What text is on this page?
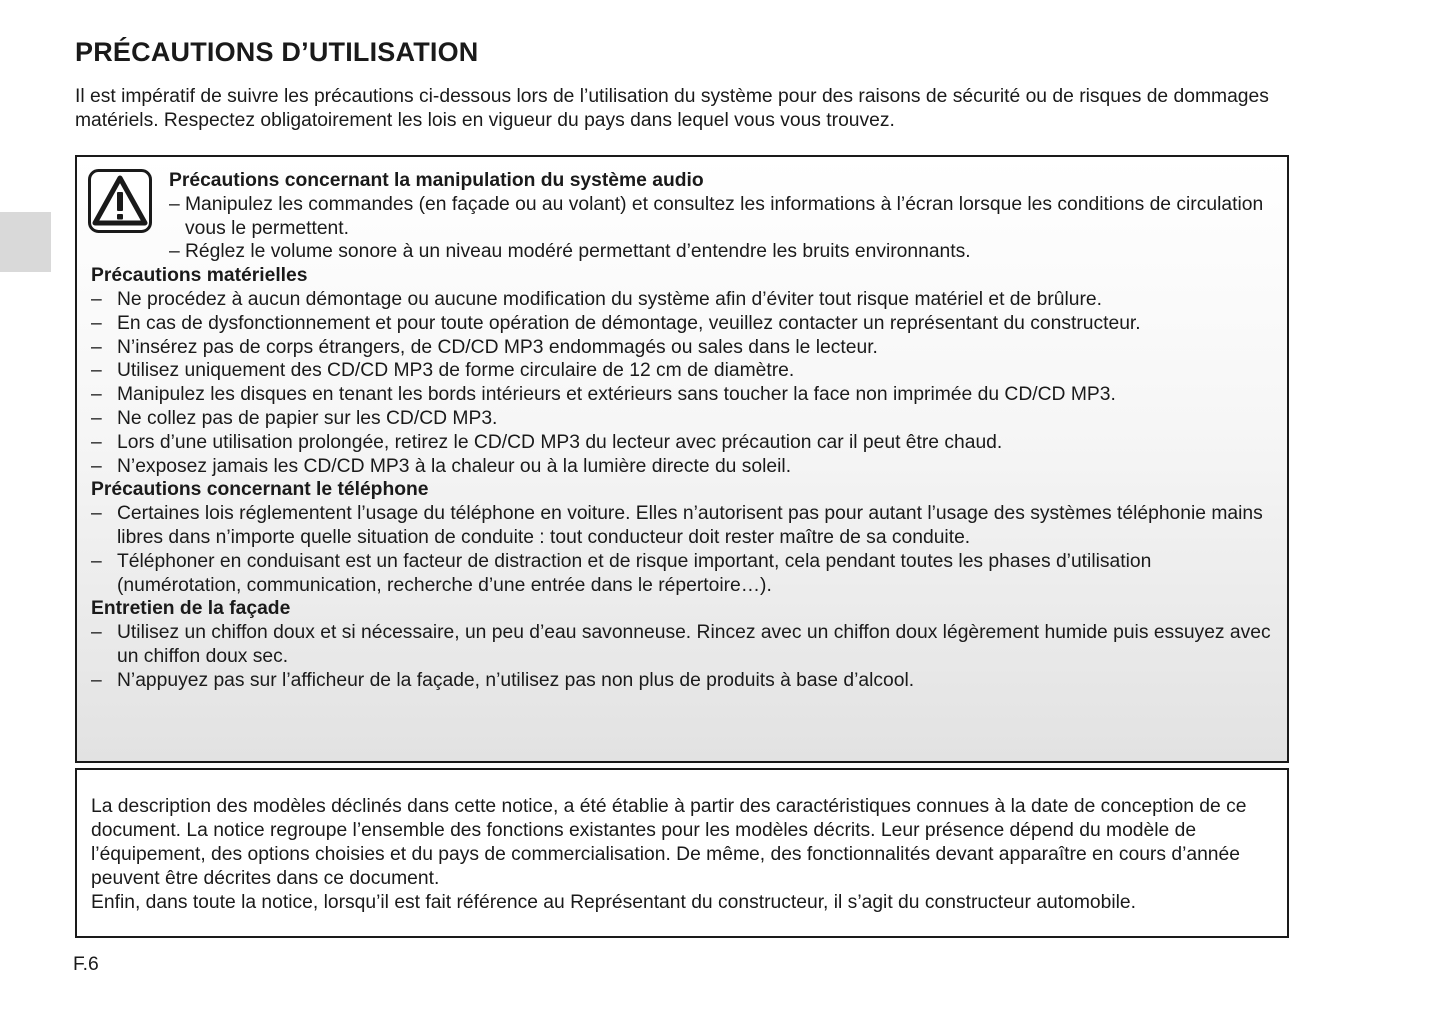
PRÉCAUTIONS D’UTILISATION

Il est impératif de suivre les précautions ci-dessous lors de l’utilisation du système pour des raisons de sécurité ou de risques de dommages matériels. Respectez obligatoirement les lois en vigueur du pays dans lequel vous vous trouvez.

Précautions concernant la manipulation du système audio

– Manipulez les commandes (en façade ou au volant) et consultez les informations à l’écran lorsque les conditions de circulation vous le permettent.
– Réglez le volume sonore à un niveau modéré permettant d’entendre les bruits environnants.

Précautions matérielles

– Ne procédez à aucun démontage ou aucune modification du système afin d’éviter tout risque matériel et de brûlure.
– En cas de dysfonctionnement et pour toute opération de démontage, veuillez contacter un représentant du constructeur.
– N’insérez pas de corps étrangers, de CD/CD MP3 endommagés ou sales dans le lecteur.
– Utilisez uniquement des CD/CD MP3 de forme circulaire de 12 cm de diamètre.
– Manipulez les disques en tenant les bords intérieurs et extérieurs sans toucher la face non imprimée du CD/CD MP3.
– Ne collez pas de papier sur les CD/CD MP3.
– Lors d’une utilisation prolongée, retirez le CD/CD MP3 du lecteur avec précaution car il peut être chaud.
– N’exposez jamais les CD/CD MP3 à la chaleur ou à la lumière directe du soleil.

Précautions concernant le téléphone

– Certaines lois réglementent l’usage du téléphone en voiture. Elles n’autorisent pas pour autant l’usage des systèmes téléphonie mains libres dans n’importe quelle situation de conduite : tout conducteur doit rester maître de sa conduite.
– Téléphoner en conduisant est un facteur de distraction et de risque important, cela pendant toutes les phases d’utilisation (numérotation, communication, recherche d’une entrée dans le répertoire…).

Entretien de la façade

– Utilisez un chiffon doux et si nécessaire, un peu d’eau savonneuse. Rincez avec un chiffon doux légèrement humide puis essuyez avec un chiffon doux sec.
– N’appuyez pas sur l’afficheur de la façade, n’utilisez pas non plus de produits à base d’alcool.

La description des modèles déclinés dans cette notice, a été établie à partir des caractéristiques connues à la date de conception de ce document. La notice regroupe l’ensemble des fonctions existantes pour les modèles décrits. Leur présence dépend du modèle de l’équipement, des options choisies et du pays de commercialisation. De même, des fonctionnalités devant apparaître en cours d’année peuvent être décrites dans ce document.
Enfin, dans toute la notice, lorsqu’il est fait référence au Représentant du constructeur, il s’agit du constructeur automobile.

F.6
